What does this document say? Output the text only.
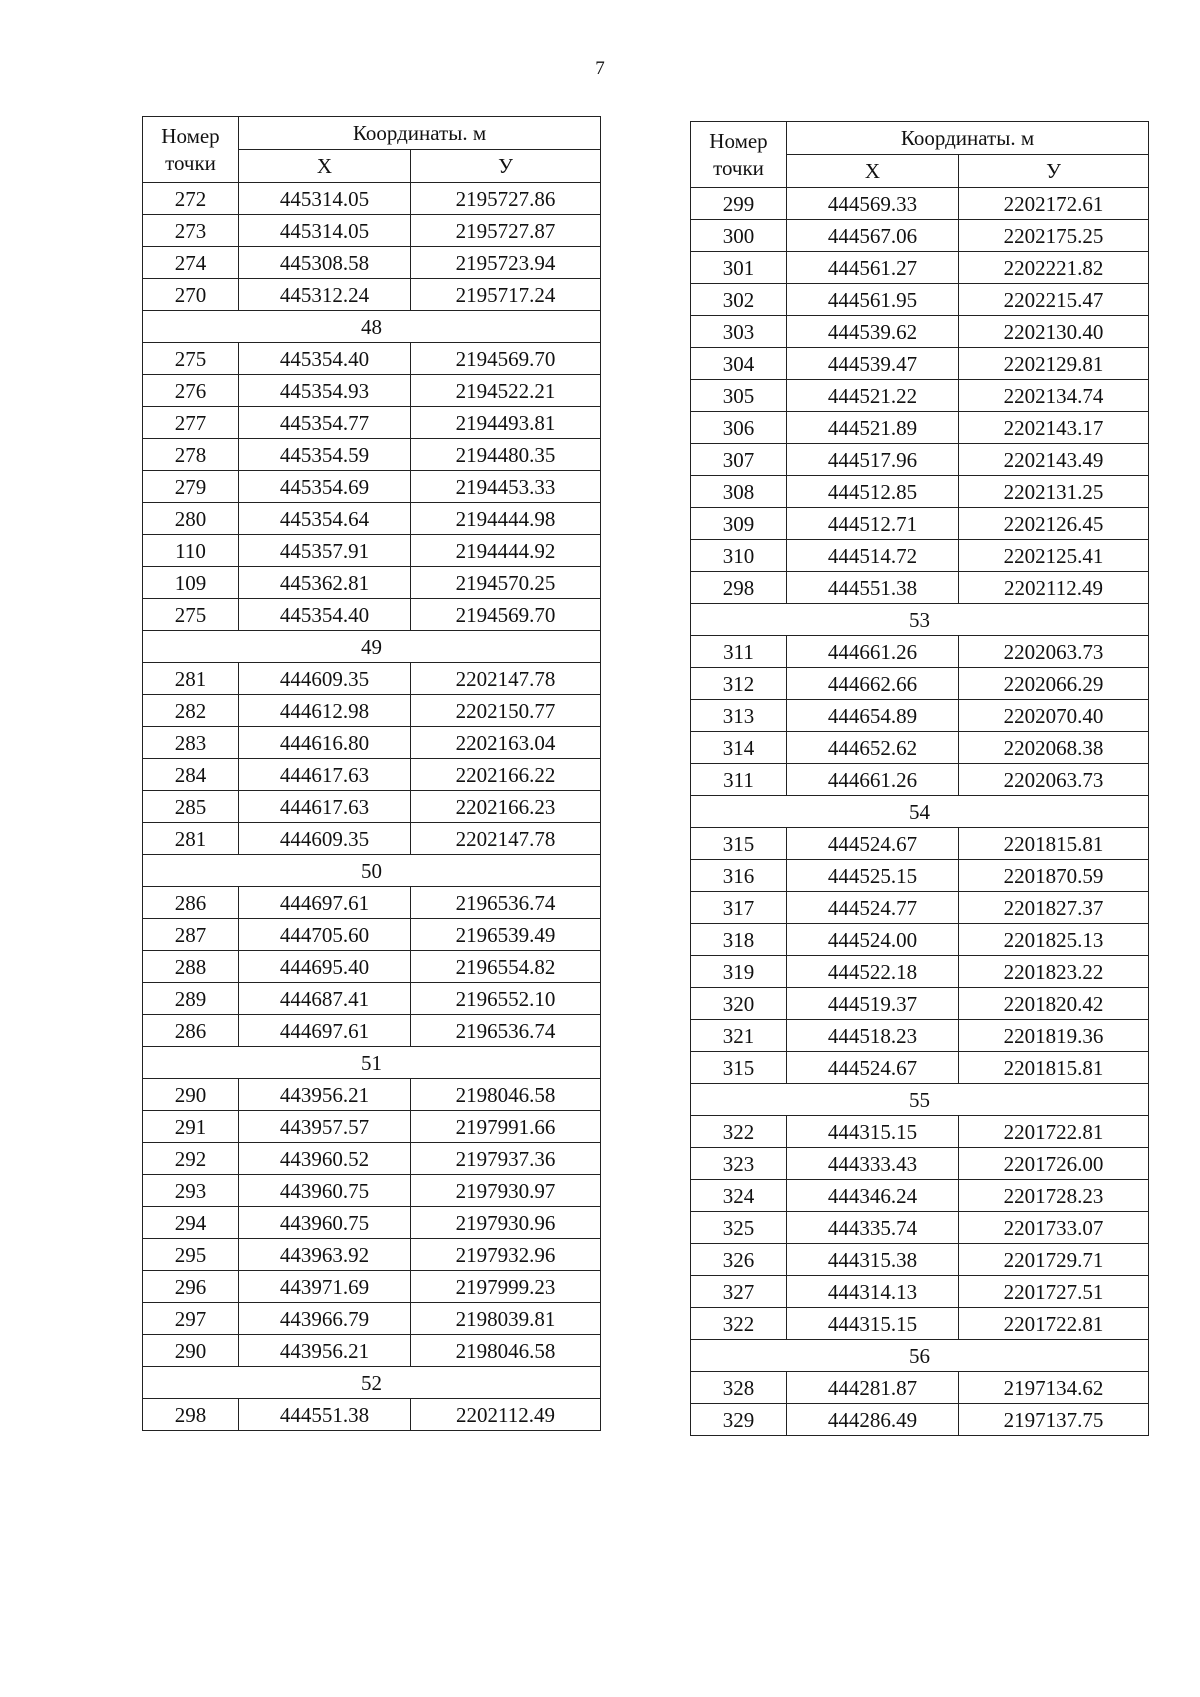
7
Номер точки	Координаты. м	
	Х	У
272	445314.05	2195727.86
273	445314.05	2195727.87
274	445308.58	2195723.94
270	445312.24	2195717.24
48		
275	445354.40	2194569.70
276	445354.93	2194522.21
277	445354.77	2194493.81
278	445354.59	2194480.35
279	445354.69	2194453.33
280	445354.64	2194444.98
110	445357.91	2194444.92
109	445362.81	2194570.25
275	445354.40	2194569.70
49		
281	444609.35	2202147.78
282	444612.98	2202150.77
283	444616.80	2202163.04
284	444617.63	2202166.22
285	444617.63	2202166.23
281	444609.35	2202147.78
50		
286	444697.61	2196536.74
287	444705.60	2196539.49
288	444695.40	2196554.82
289	444687.41	2196552.10
286	444697.61	2196536.74
51		
290	443956.21	2198046.58
291	443957.57	2197991.66
292	443960.52	2197937.36
293	443960.75	2197930.97
294	443960.75	2197930.96
295	443963.92	2197932.96
296	443971.69	2197999.23
297	443966.79	2198039.81
290	443956.21	2198046.58
52		
298	444551.38	2202112.49
Номер точки	Координаты. м	
	Х	У
299	444569.33	2202172.61
300	444567.06	2202175.25
301	444561.27	2202221.82
302	444561.95	2202215.47
303	444539.62	2202130.40
304	444539.47	2202129.81
305	444521.22	2202134.74
306	444521.89	2202143.17
307	444517.96	2202143.49
308	444512.85	2202131.25
309	444512.71	2202126.45
310	444514.72	2202125.41
298	444551.38	2202112.49
53		
311	444661.26	2202063.73
312	444662.66	2202066.29
313	444654.89	2202070.40
314	444652.62	2202068.38
311	444661.26	2202063.73
54		
315	444524.67	2201815.81
316	444525.15	2201870.59
317	444524.77	2201827.37
318	444524.00	2201825.13
319	444522.18	2201823.22
320	444519.37	2201820.42
321	444518.23	2201819.36
315	444524.67	2201815.81
55		
322	444315.15	2201722.81
323	444333.43	2201726.00
324	444346.24	2201728.23
325	444335.74	2201733.07
326	444315.38	2201729.71
327	444314.13	2201727.51
322	444315.15	2201722.81
56		
328	444281.87	2197134.62
329	444286.49	2197137.75
